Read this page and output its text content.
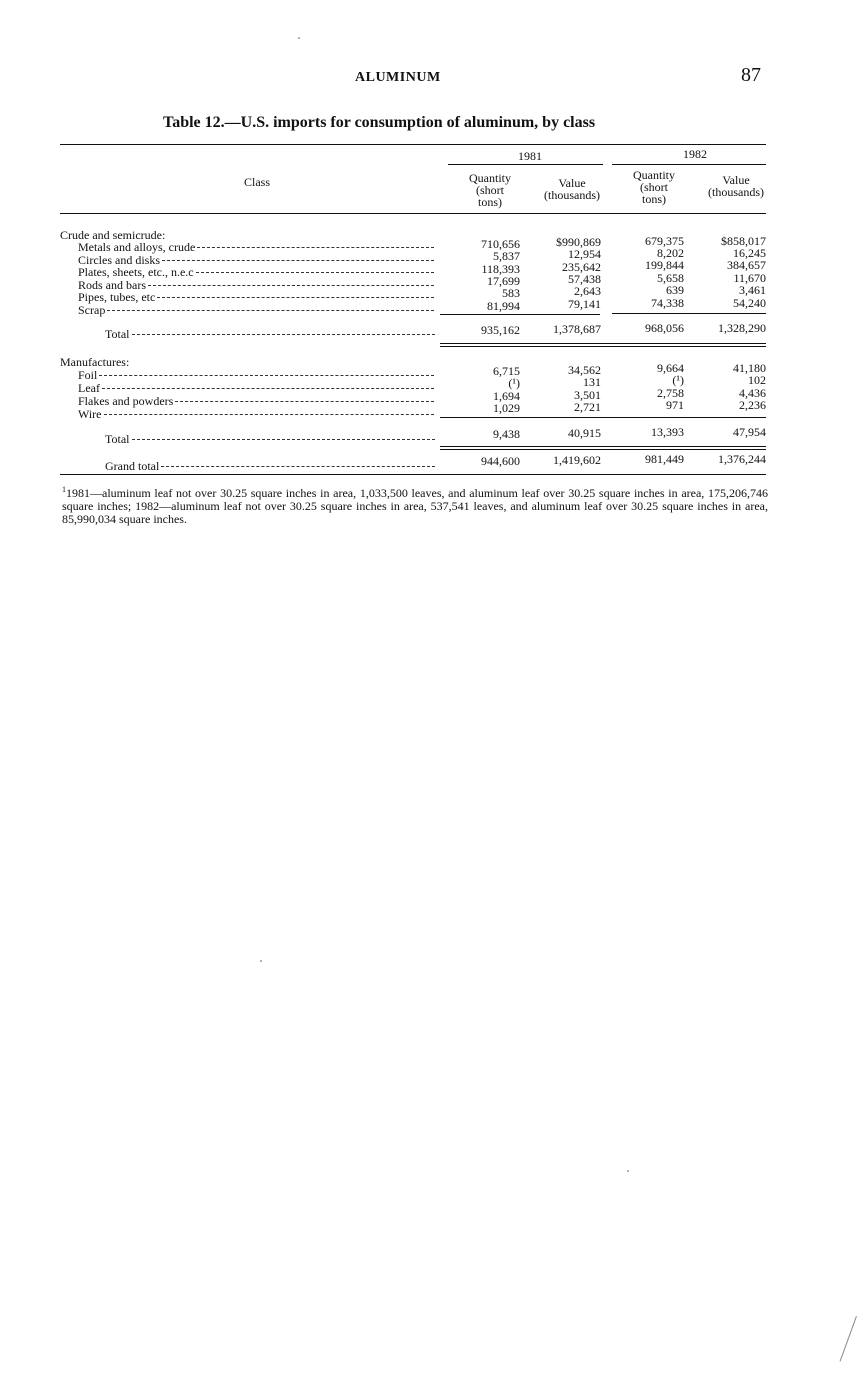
ALUMINUM	87
Table 12.—U.S. imports for consumption of aluminum, by class
Class
1981	1982
Quantity
(short
tons)
Value
(thousands)
Quantity
(short
tons)
Value
(thousands)
Crude and semicrude:
Metals and alloys, crude	710,656	$990,869	679,375	$858,017
Circles and disks	5,837	12,954	8,202	16,245
Plates, sheets, etc., n.e.c	118,393	235,642	199,844	384,657
Rods and bars	17,699	57,438	5,658	11,670
Pipes, tubes, etc	583	2,643	639	3,461
Scrap	81,994	79,141	74,338	54,240
Total	935,162	1,378,687	968,056	1,328,290
Manufactures:
Foil	6,715	34,562	9,664	41,180
Leaf	(¹)	131	(¹)	102
Flakes and powders	1,694	3,501	2,758	4,436
Wire	1,029	2,721	971	2,236
Total	9,438	40,915	13,393	47,954
Grand total	944,600	1,419,602	981,449	1,376,244
$^1$1981—aluminum leaf not over 30.25 square inches in area, 1,033,500 leaves, and aluminum leaf over 30.25 square inches in area, 175,206,746 square inches; 1982—aluminum leaf not over 30.25 square inches in area, 537,541 leaves, and aluminum leaf over 30.25 square inches in area, 85,990,034 square inches.
